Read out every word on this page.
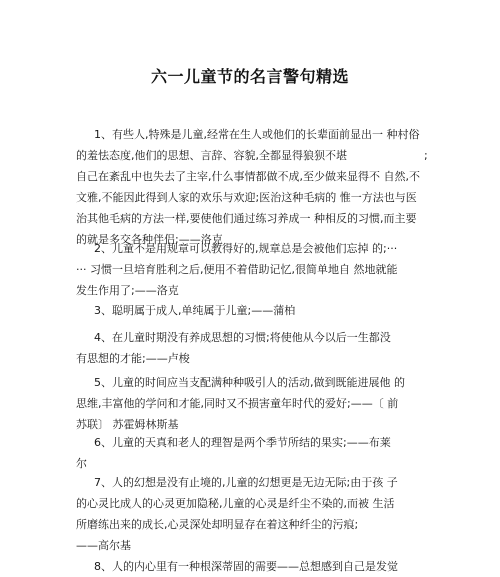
六一儿童节的名言警句精选
1、有些人,特殊是儿童,经常在生人或他们的长辈面前显出一 种村俗
的羞怯态度,他们的思想、言辞、容貌,全都显得狼狈不堪　　　　　　　;
自己在紊乱中也失去了主宰,什么事情都做不成,至少做来显得不 自然,不
文雅,不能因此得到人家的欢乐与欢迎;医治这种毛病的 惟一方法也与医
治其他毛病的方法一样,要使他们通过练习养成一 种相反的习惯,而主要
的就是多交各种伴侣;——洛克
2、儿童不是用规章可以教得好的,规章总是会被他们忘掉 的;···
··· 习惯一旦培育胜利之后,便用不着借助记忆,很简单地自 然地就能
发生作用了;——洛克
3、聪明属于成人,单纯属于儿童;——蒲柏
4、在儿童时期没有养成思想的习惯;将使他从今以后一生都没
有思想的才能;——卢梭
5、儿童的时间应当支配满种种吸引人的活动,做到既能进展他 的
思维,丰富他的学问和才能,同时又不损害童年时代的爱好;——〔 前
苏联〕 苏霍姆林斯基
6、儿童的天真和老人的理智是两个季节所结的果实;——布莱
尔
7、人的幻想是没有止境的,儿童的幻想更是无边无际;由于孩 子
的心灵比成人的心灵更加隐秘,儿童的心灵是纤尘不染的,而被 生活
所磨练出来的成长,心灵深处却明显存在着这种纤尘的污痕;
——高尔基
8、人的内心里有一种根深蒂固的需要——总想感到自己是发觉
